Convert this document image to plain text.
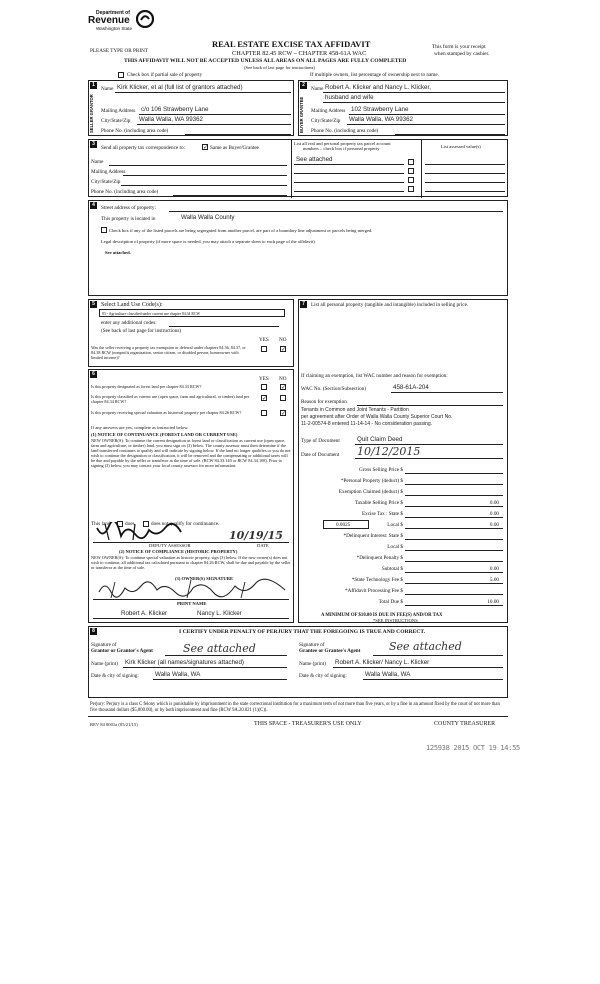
Department of
Revenue
Washington State
PLEASE TYPE OR PRINT
REAL ESTATE EXCISE TAX AFFIDAVIT
CHAPTER 82.45 RCW – CHAPTER 458-61A WAC
THIS AFFIDAVIT WILL NOT BE ACCEPTED UNLESS ALL AREAS ON ALL PAGES ARE FULLY COMPLETED
(See back of last page for instructions)
This form is your receipt
when stamped by cashier.
Check box if partial sale of property	If multiple owners, list percentage of ownership next to name.
1
SELLER GRANTOR
Name Kirk Klicker, et al (full list of grantors attached)
Mailing Address c/o 106 Strawberry Lane
City/State/Zip Walla Walla, WA 99362
Phone No. (including area code)
2
BUYER GRANTEE
Name Robert A. Klicker and Nancy L. Klicker,
husband and wife
Mailing Address 102 Strawberry Lane
City/State/Zip Walla Walla, WA 99362
Phone No. (including area code)
3
Send all property tax correspondence to:	✓ Same as Buyer/Grantee
Name
Mailing Address
City/State/Zip
Phone No. (including area code)
List all real and personal property tax parcel account
numbers – check box if personal property	List assessed value(s)
See attached
4	Street address of property:
This property is located in	Walla Walla County
Check box if any of the listed parcels are being segregated from another parcel, are part of a boundary line adjustment or parcels being merged.
Legal description of property (if more space is needed, you may attach a separate sheet to each page of the affidavit)
See attached.
5	Select Land Use Code(s):
83 - Agriculture classified under current use chapter 84.34 RCW
enter any additional codes:
(See back of last page for instructions)
YES NO
Was the seller receiving a property tax exemption or deferral under chapters 84.36, 84.37, or 84.38 RCW (nonprofit organization, senior citizen, or disabled person, homeowner with limited income)?
✓
6
YES NO
Is this property designated as forest land per chapter 84.33 RCW?	✓
Is this property classified as current use (open space, farm and agricultural, or timber) land per chapter 84.34 RCW?	✓
Is this property receiving special valuation as historical property per chapter 84.26 RCW?	✓
If any answers are yes, complete as instructed below.
(1) NOTICE OF CONTINUANCE (FOREST LAND OR CURRENT USE)
NEW OWNER(S): To continue the current designation as forest land or classification as current use (open space, farm and agriculture, or timber) land, you must sign on (3) below. The county assessor must then determine if the land transferred continues to qualify and will indicate by signing below. If the land no longer qualifies or you do not wish to continue the designation or classification, it will be removed and the compensating or additional taxes will be due and payable by the seller or transferor at the time of sale. (RCW 84.33.140 or RCW 84.34.108). Prior to signing (3) below, you may contact your local county assessor for more information.
This land	does	does not qualify for continuance.
10/19/15
DEPUTY ASSESSOR	DATE
(2) NOTICE OF COMPLIANCE (HISTORIC PROPERTY)
NEW OWNER(S): To continue special valuation as historic property, sign (3) below. If the new owner(s) does not wish to continue, all additional tax calculated pursuant to chapter 84.26 RCW, shall be due and payable by the seller or transferor at the time of sale.
(3) OWNER(S) SIGNATURE
PRINT NAME
Robert A. Klicker	Nancy L. Klicker
7	List all personal property (tangible and intangible) included in selling price.
If claiming an exemption, list WAC number and reason for exemption:
WAC No. (Section/Subsection)	458-61A-204
Reason for exemption
Tenants in Common and Joint Tenants - Partition
per agreement after Order of Walla Walla County Superior Court No.
11-2-00574-8 entered 11-14-14 - No consideration passing.
Type of Document	Quit Claim Deed
Date of Document 10/12/2015
Gross Selling Price $
*Personal Property (deduct) $
Exemption Claimed (deduct) $
Taxable Selling Price $	0.00
Excise Tax : State $	0.00
0.0025	Local $	0.00
*Delinquent Interest: State $
Local $
*Delinquent Penalty $
Subtotal $	0.00
*State Technology Fee $	5.00
*Affidavit Processing Fee $
Total Due $	10.00
A MINIMUM OF $10.00 IS DUE IN FEE(S) AND/OR TAX
*SEE INSTRUCTIONS
8	I CERTIFY UNDER PENALTY OF PERJURY THAT THE FOREGOING IS TRUE AND CORRECT.
Signature of
Grantor or Grantor's Agent	See attached
Name (print) Kirk Klicker (all names/signatures attached)
Date & city of signing:	Walla Walla, WA
Signature of
Grantee or Grantee's Agent	See attached
Name (print) Robert A. Klicker/ Nancy L. Klicker
Date & city of signing:	Walla Walla, WA
Perjury: Perjury is a class C felony which is punishable by imprisonment in the state correctional institution for a maximum term of not more than five years, or by a fine in an amount fixed by the court of not more than five thousand dollars ($5,000.00), or by both imprisonment and fine (RCW 9A.20.021 (1)(C)).
REV 84 0001a (05/21/15)	THIS SPACE - TREASURER'S USE ONLY	COUNTY TREASURER
125938 2015 OCT 19 14:55
